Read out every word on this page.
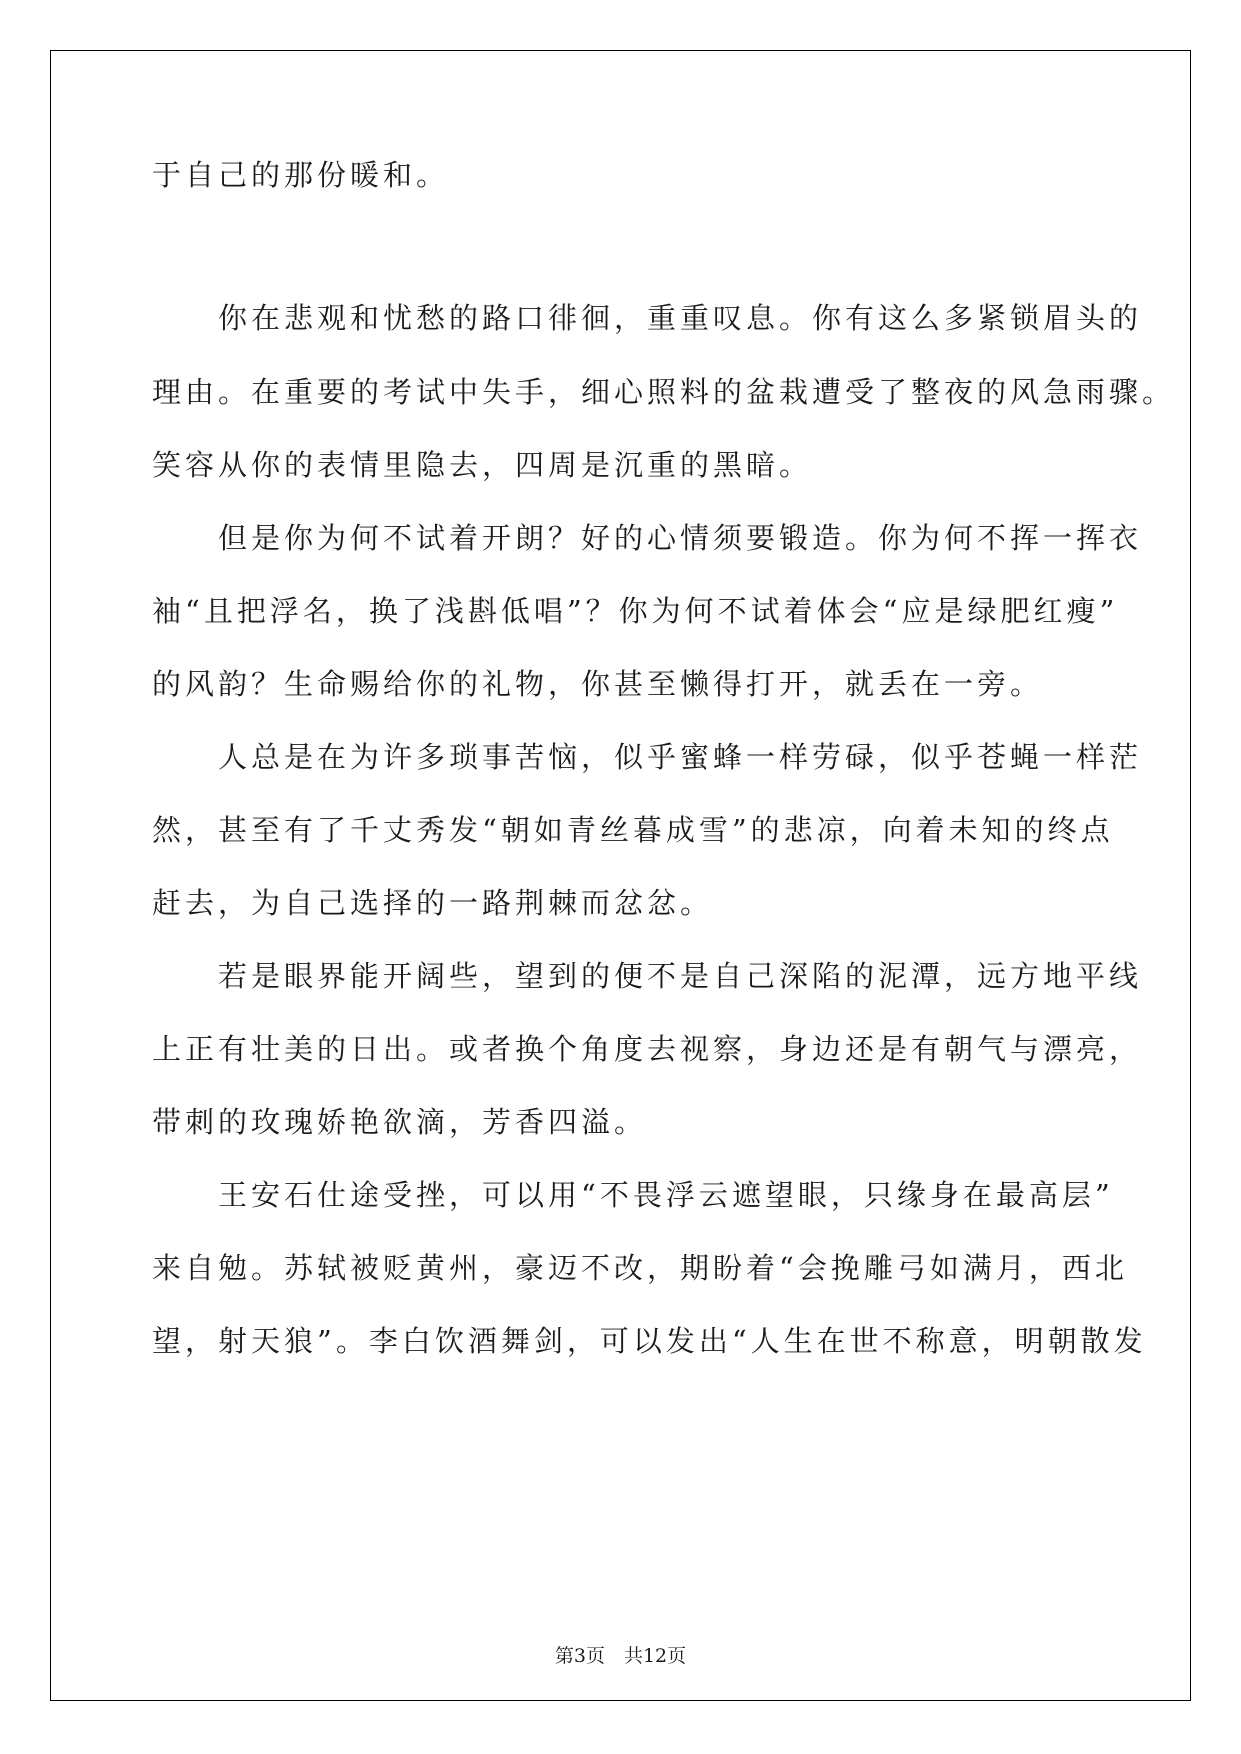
于自己的那份暖和。
　　你在悲观和忧愁的路口徘徊，重重叹息。你有这么多紧锁眉头的
理由。在重要的考试中失手，细心照料的盆栽遭受了整夜的风急雨骤。
笑容从你的表情里隐去，四周是沉重的黑暗。
　　但是你为何不试着开朗？好的心情须要锻造。你为何不挥一挥衣
袖“且把浮名，换了浅斟低唱”？你为何不试着体会“应是绿肥红瘦”
的风韵？生命赐给你的礼物，你甚至懒得打开，就丢在一旁。
　　人总是在为许多琐事苦恼，似乎蜜蜂一样劳碌，似乎苍蝇一样茫
然，甚至有了千丈秀发“朝如青丝暮成雪”的悲凉，向着未知的终点
赶去，为自己选择的一路荆棘而忿忿。
　　若是眼界能开阔些，望到的便不是自己深陷的泥潭，远方地平线
上正有壮美的日出。或者换个角度去视察，身边还是有朝气与漂亮，
带刺的玫瑰娇艳欲滴，芳香四溢。
　　王安石仕途受挫，可以用“不畏浮云遮望眼，只缘身在最高层”
来自勉。苏轼被贬黄州，豪迈不改，期盼着“会挽雕弓如满月，西北
望，射天狼”。李白饮酒舞剑，可以发出“人生在世不称意，明朝散发
第3页　共12页
